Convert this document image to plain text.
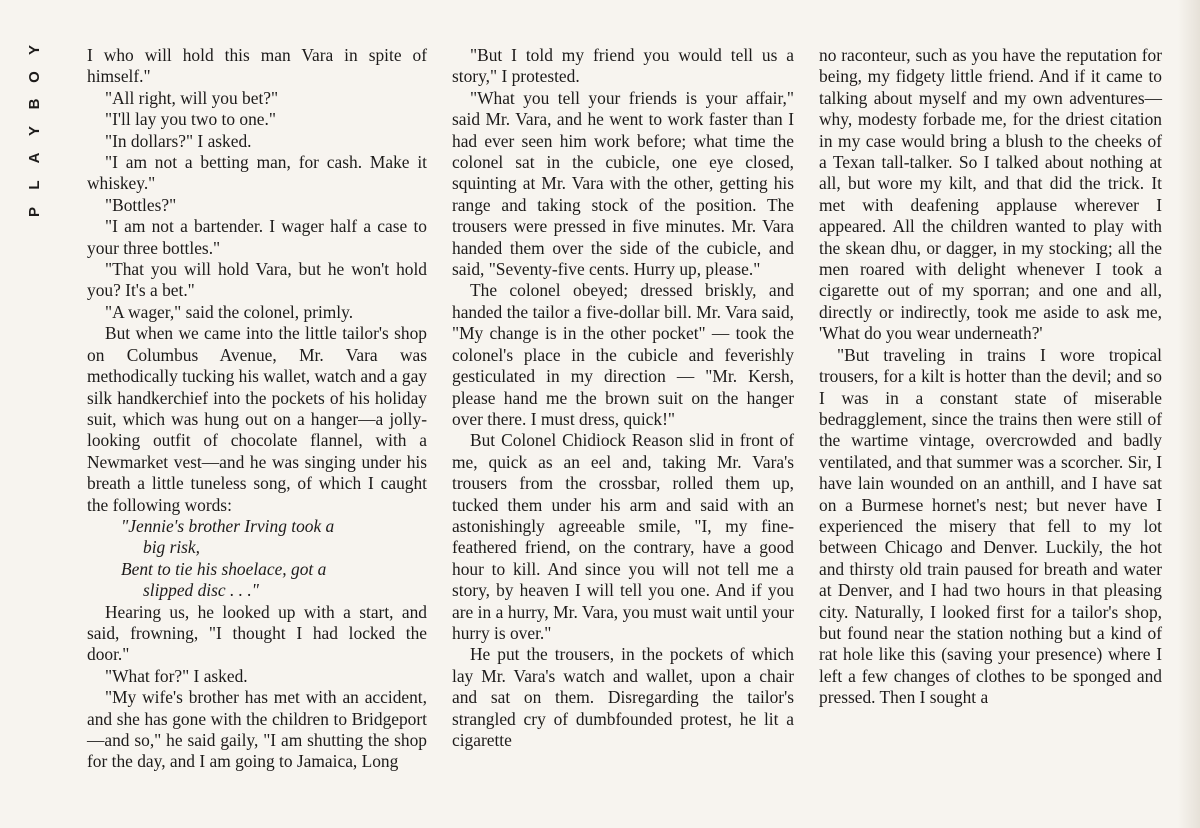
Y
O
B
Y
A
L
P

I who will hold this man Vara in spite of himself."

"All right, will you bet?"

"I'll lay you two to one."

"In dollars?" I asked.

"I am not a betting man, for cash. Make it whiskey."

"Bottles?"

"I am not a bartender. I wager half a case to your three bottles."

"That you will hold Vara, but he won't hold you? It's a bet."

"A wager," said the colonel, primly.

But when we came into the little tailor's shop on Columbus Avenue, Mr. Vara was methodically tucking his wallet, watch and a gay silk handkerchief into the pockets of his holiday suit, which was hung out on a hanger—a jolly-looking outfit of chocolate flannel, with a Newmarket vest—and he was singing under his breath a little tuneless song, of which I caught the following words:

"Jennie's brother Irving took a

big risk,

Bent to tie his shoelace, got a

slipped disc . . ."

Hearing us, he looked up with a start, and said, frowning, "I thought I had locked the door."

"What for?" I asked.

"My wife's brother has met with an accident, and she has gone with the children to Bridgeport—and so," he said gaily, "I am shutting the shop for the day, and I am going to Jamaica, Long

"But I told my friend you would tell us a story," I protested.

"What you tell your friends is your affair," said Mr. Vara, and he went to work faster than I had ever seen him work before; what time the colonel sat in the cubicle, one eye closed, squinting at Mr. Vara with the other, getting his range and taking stock of the position. The trousers were pressed in five minutes. Mr. Vara handed them over the side of the cubicle, and said, "Seventy-five cents. Hurry up, please."

The colonel obeyed; dressed briskly, and handed the tailor a five-dollar bill. Mr. Vara said, "My change is in the other pocket" — took the colonel's place in the cubicle and feverishly gesticulated in my direction — "Mr. Kersh, please hand me the brown suit on the hanger over there. I must dress, quick!"

But Colonel Chidiock Reason slid in front of me, quick as an eel and, taking Mr. Vara's trousers from the crossbar, rolled them up, tucked them under his arm and said with an astonishingly agreeable smile, "I, my fine-feathered friend, on the contrary, have a good hour to kill. And since you will not tell me a story, by heaven I will tell you one. And if you are in a hurry, Mr. Vara, you must wait until your hurry is over."

He put the trousers, in the pockets of which lay Mr. Vara's watch and wallet, upon a chair and sat on them. Disregarding the tailor's strangled cry of dumbfounded protest, he lit a cigarette

no raconteur, such as you have the reputation for being, my fidgety little friend. And if it came to talking about myself and my own adventures—why, modesty forbade me, for the driest citation in my case would bring a blush to the cheeks of a Texan tall-talker. So I talked about nothing at all, but wore my kilt, and that did the trick. It met with deafening applause wherever I appeared. All the children wanted to play with the skean dhu, or dagger, in my stocking; all the men roared with delight whenever I took a cigarette out of my sporran; and one and all, directly or indirectly, took me aside to ask me, 'What do you wear underneath?'

"But traveling in trains I wore tropical trousers, for a kilt is hotter than the devil; and so I was in a constant state of miserable bedragglement, since the trains then were still of the wartime vintage, overcrowded and badly ventilated, and that summer was a scorcher. Sir, I have lain wounded on an anthill, and I have sat on a Burmese hornet's nest; but never have I experienced the misery that fell to my lot between Chicago and Denver. Luckily, the hot and thirsty old train paused for breath and water at Denver, and I had two hours in that pleasing city. Naturally, I looked first for a tailor's shop, but found near the station nothing but a kind of rat hole like this (saving your presence) where I left a few changes of clothes to be sponged and pressed. Then I sought a
